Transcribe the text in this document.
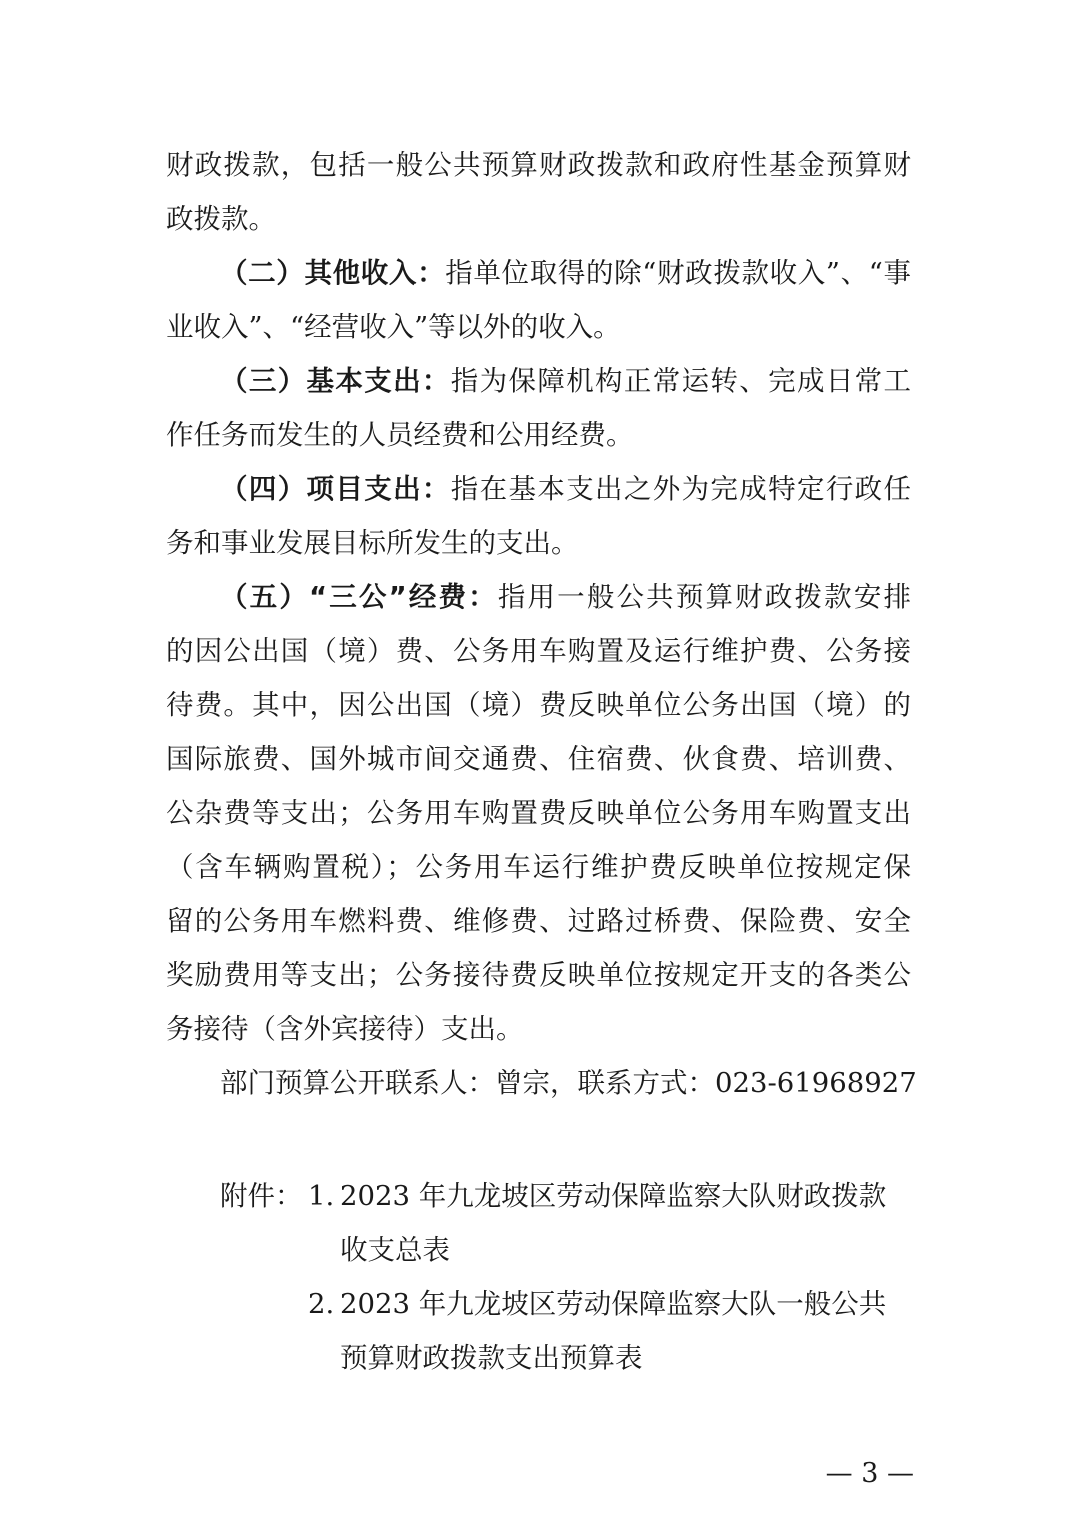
财政拨款，包括一般公共预算财政拨款和政府性基金预算财
政拨款。
（二）其他收入：指单位取得的除“财政拨款收入”、“事
业收入”、“经营收入”等以外的收入。
（三）基本支出：指为保障机构正常运转、完成日常工
作任务而发生的人员经费和公用经费。
（四）项目支出：指在基本支出之外为完成特定行政任
务和事业发展目标所发生的支出。
（五）“三公”经费：指用一般公共预算财政拨款安排
的因公出国（境）费、公务用车购置及运行维护费、公务接
待费。其中，因公出国（境）费反映单位公务出国（境）的
国际旅费、国外城市间交通费、住宿费、伙食费、培训费、
公杂费等支出；公务用车购置费反映单位公务用车购置支出
（含车辆购置税）；公务用车运行维护费反映单位按规定保
留的公务用车燃料费、维修费、过路过桥费、保险费、安全
奖励费用等支出；公务接待费反映单位按规定开支的各类公
务接待（含外宾接待）支出。
部门预算公开联系人：曾宗，联系方式：023-61968927
附件： 1. 2023 年九龙坡区劳动保障监察大队财政拨款
收支总表
2. 2023 年九龙坡区劳动保障监察大队一般公共
预算财政拨款支出预算表
— 3 —
